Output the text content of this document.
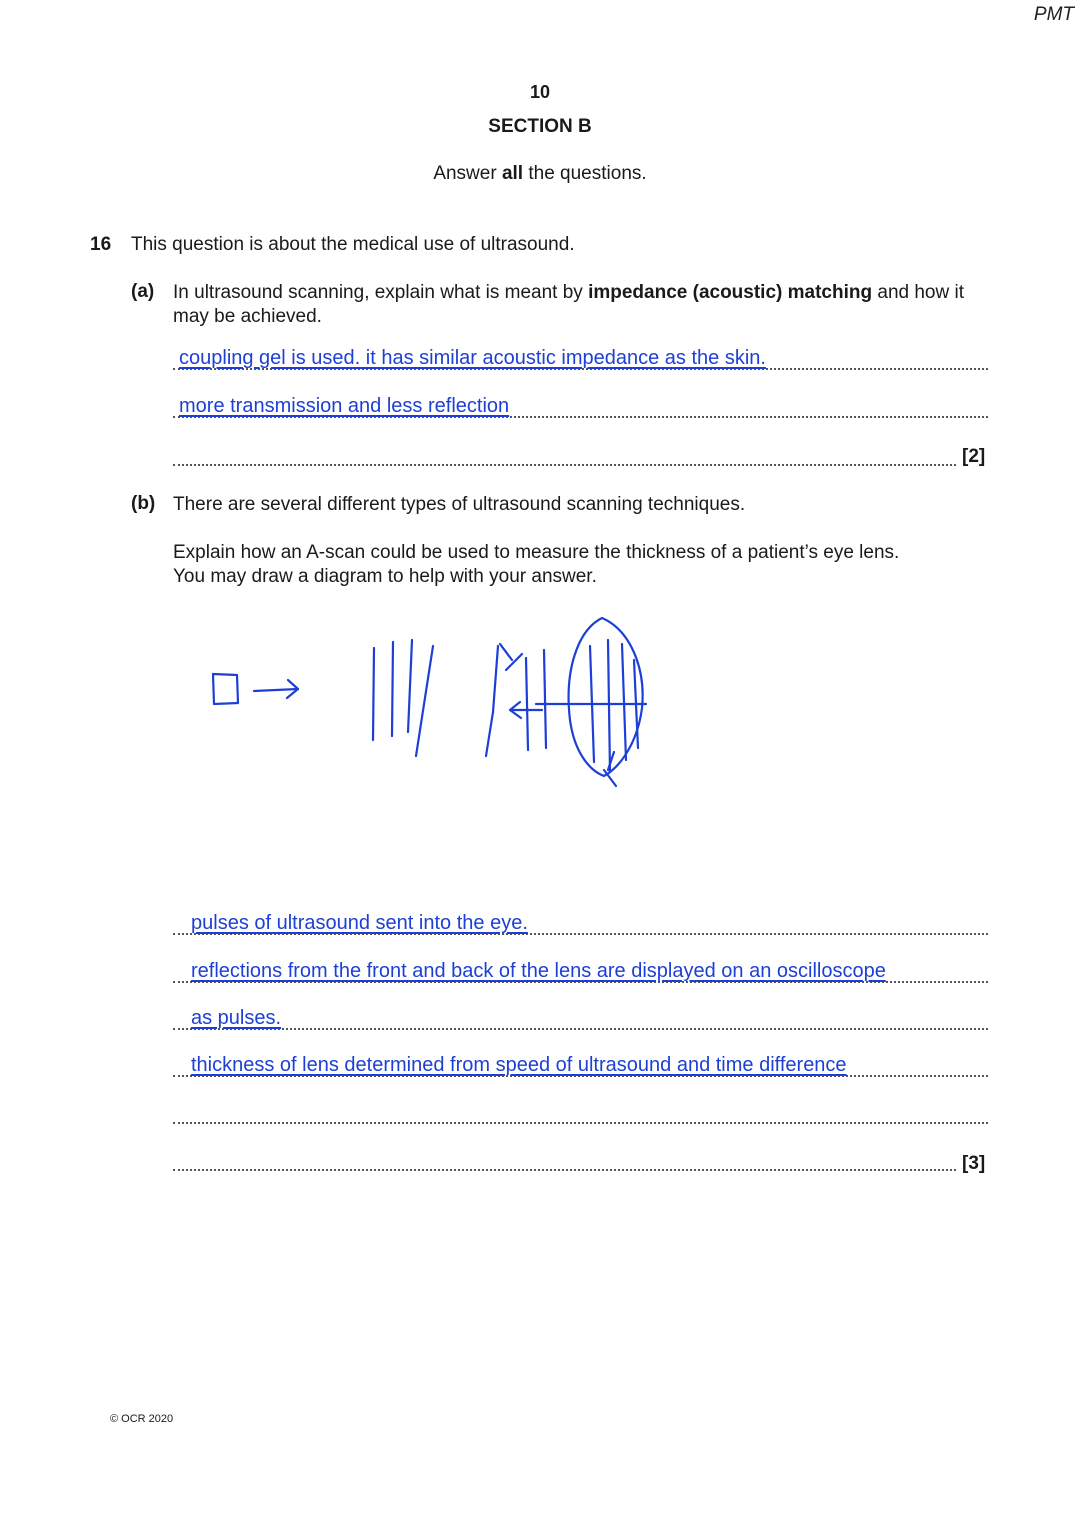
PMT
10
SECTION B
Answer all the questions.
16 This question is about the medical use of ultrasound.
(a) In ultrasound scanning, explain what is meant by impedance (acoustic) matching and how it may be achieved.
coupling gel is used. it has similar acoustic impedance as the skin.
more transmission and less reflection
[2]
(b) There are several different types of ultrasound scanning techniques.
Explain how an A-scan could be used to measure the thickness of a patient’s eye lens.
You may draw a diagram to help with your answer.
pulses of ultrasound sent into the eye.
reflections from the front and back of the lens are displayed on an oscilloscope
as pulses.
thickness of lens determined from speed of ultrasound and time difference
[3]
© OCR 2020
